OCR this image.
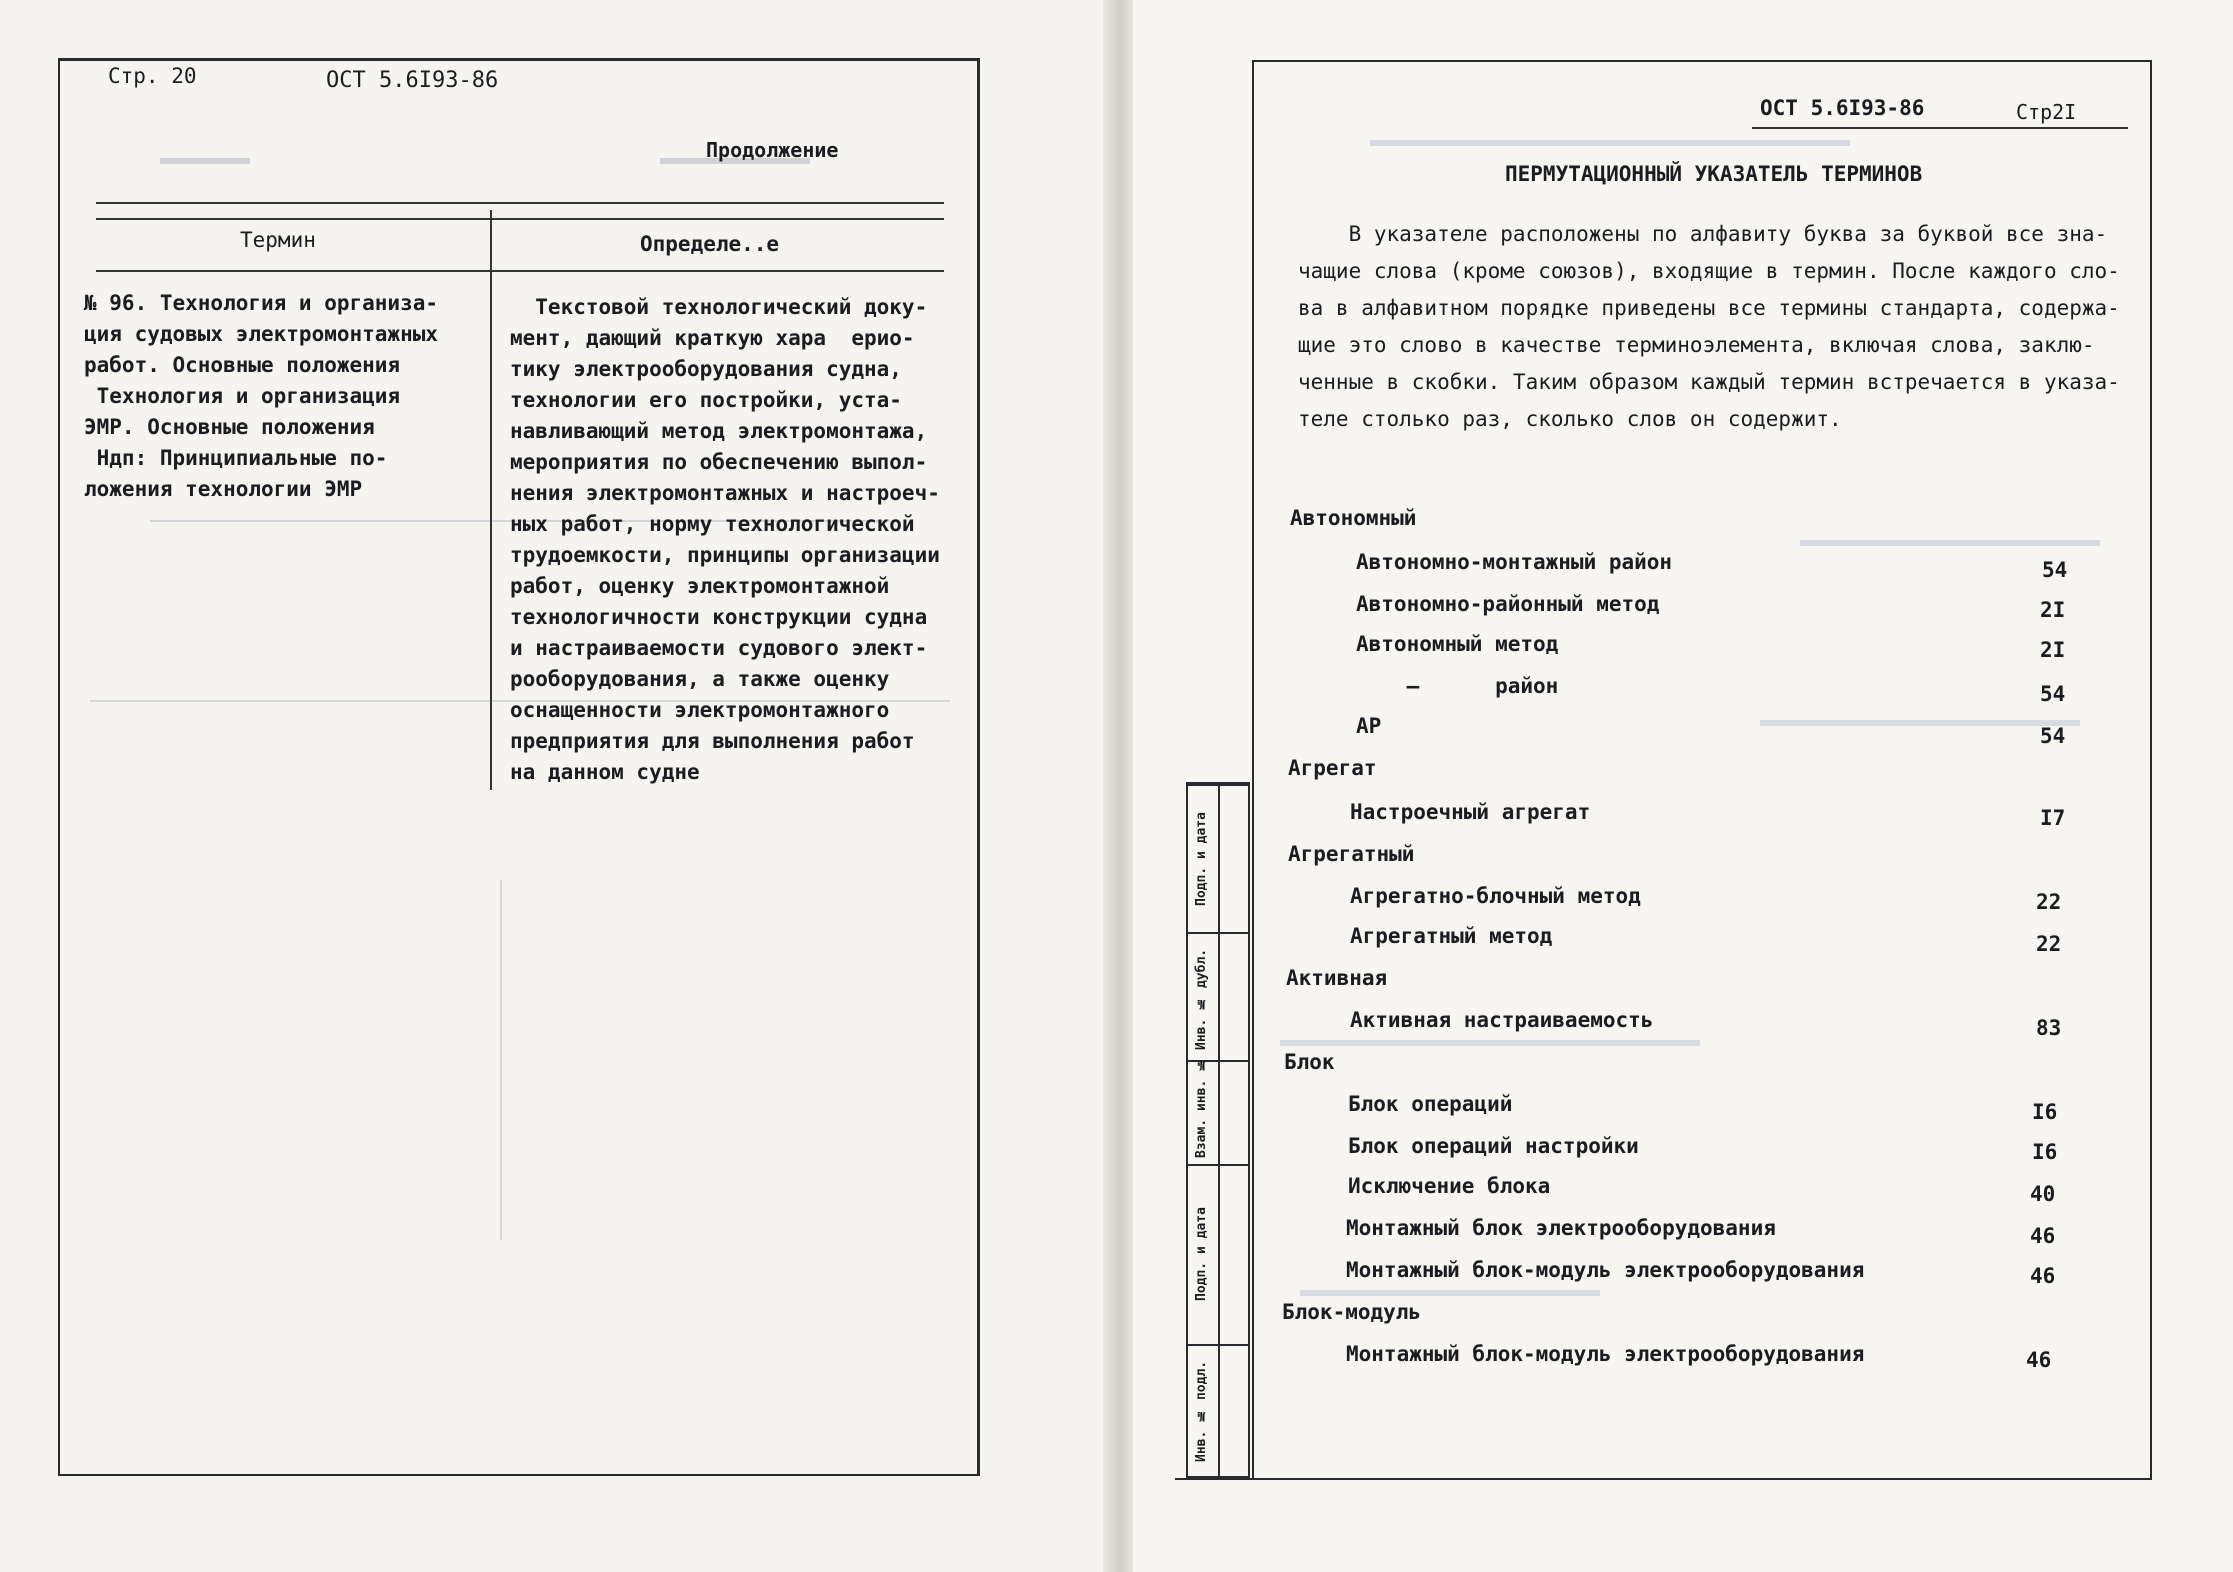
Стр. 20	ОСТ 5.6I93-86
Продолжение
Термин	Определе..е
№ 96. Технология и организа-
ция судовых электромонтажных
работ. Основные положения
Технология и организация
ЭМР. Основные положения
Ндп: Принципиальные по-
ложения технологии ЭМР
Текстовой технологический доку-
мент, дающий краткую хара  ерио-
тику электрооборудования судна,
технологии его постройки, уста-
навливающий метод электромонтажа,
мероприятия по обеспечению выпол-
нения электромонтажных и настроеч-
ных работ, норму технологической
трудоемкости, принципы организации
работ, оценку электромонтажной
технологичности конструкции судна
и настраиваемости судового элект-
рооборудования, а также оценку
оснащенности электромонтажного
предприятия для выполнения работ
на данном судне
Подп. и дата
Инв. № дубл.
Взам. инв. №
Подп. и дата
Инв. № подл.
ОСТ 5.6I93-86	Стр2I
ПЕРМУТАЦИОННЫЙ УКАЗАТЕЛЬ ТЕРМИНОВ
В указателе расположены по алфавиту буква за буквой все зна-
чащие слова (кроме союзов), входящие в термин. После каждого сло-
ва в алфавитном порядке приведены все термины стандарта, содержа-
щие это слово в качестве терминоэлемента, включая слова, заклю-
ченные в скобки. Таким образом каждый термин встречается в указа-
теле столько раз, сколько слов он содержит.
Автономный
Автономно-монтажный район	54
Автономно-районный метод	2I
Автономный метод	2I
—      район	54
АР	54
Агрегат
Настроечный агрегат	I7
Агрегатный
Агрегатно-блочный метод	22
Агрегатный метод	22
Активная
Активная настраиваемость	83
Блок
Блок операций	I6
Блок операций настройки	I6
Исключение блока	40
Монтажный блок электрооборудования	46
Монтажный блок-модуль электрооборудования	46
Блок-модуль
Монтажный блок-модуль электрооборудования	46
